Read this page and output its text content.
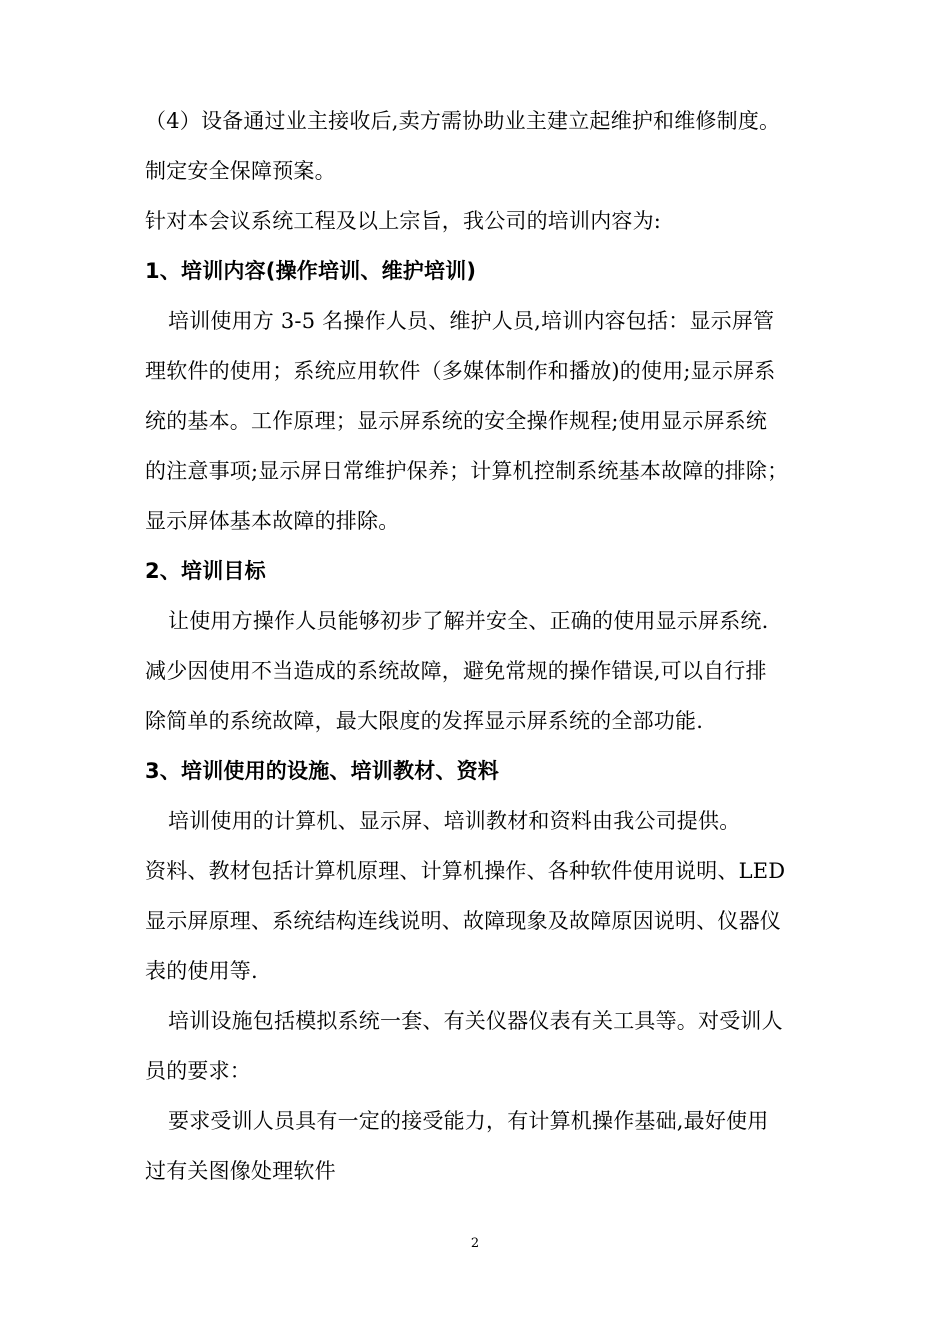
（4）设备通过业主接收后,卖方需协助业主建立起维护和维修制度。
制定安全保障预案。
针对本会议系统工程及以上宗旨，我公司的培训内容为:
1、培训内容(操作培训、维护培训)
培训使用方 3-5 名操作人员、维护人员,培训内容包括：显示屏管
理软件的使用；系统应用软件（多媒体制作和播放)的使用;显示屏系
统的基本。工作原理；显示屏系统的安全操作规程;使用显示屏系统
的注意事项;显示屏日常维护保养；计算机控制系统基本故障的排除；
显示屏体基本故障的排除。
2、培训目标
让使用方操作人员能够初步了解并安全、正确的使用显示屏系统.
减少因使用不当造成的系统故障，避免常规的操作错误,可以自行排
除简单的系统故障，最大限度的发挥显示屏系统的全部功能.
3、培训使用的设施、培训教材、资料
培训使用的计算机、显示屏、培训教材和资料由我公司提供。
资料、教材包括计算机原理、计算机操作、各种软件使用说明、LED
显示屏原理、系统结构连线说明、故障现象及故障原因说明、仪器仪
表的使用等.
培训设施包括模拟系统一套、有关仪器仪表有关工具等。对受训人
员的要求：
要求受训人员具有一定的接受能力，有计算机操作基础,最好使用
过有关图像处理软件
2
